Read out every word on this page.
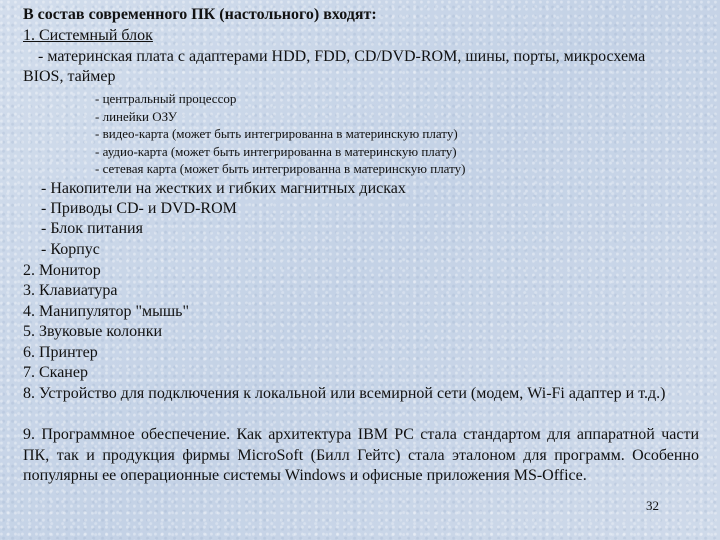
В состав современного ПК (настольного) входят:
1. Системный блок
- материнская плата с адаптерами HDD, FDD, CD/DVD-ROM, шины, порты, микросхема
BIOS, таймер
- центральный процессор
- линейки ОЗУ
- видео-карта (может быть интегрированна в материнскую плату)
- аудио-карта (может быть интегрированна в материнскую плату)
- сетевая карта (может быть интегрированна в материнскую плату)
- Накопители на жестких и гибких магнитных дисках
- Приводы CD- и DVD-ROM
- Блок питания
- Корпус
2. Монитор
3. Клавиатура
4. Манипулятор "мышь"
5. Звуковые колонки
6. Принтер
7. Сканер
8. Устройство для подключения к локальной или всемирной сети (модем, Wi-Fi адаптер и т.д.)
9. Программное обеспечение. Как архитектура IBM PC стала стандартом для аппаратной части ПК, так и продукция фирмы MicroSoft (Билл Гейтс) стала эталоном для программ. Особенно популярны ее операционные системы Windows и офисные приложения MS-Office.
32
